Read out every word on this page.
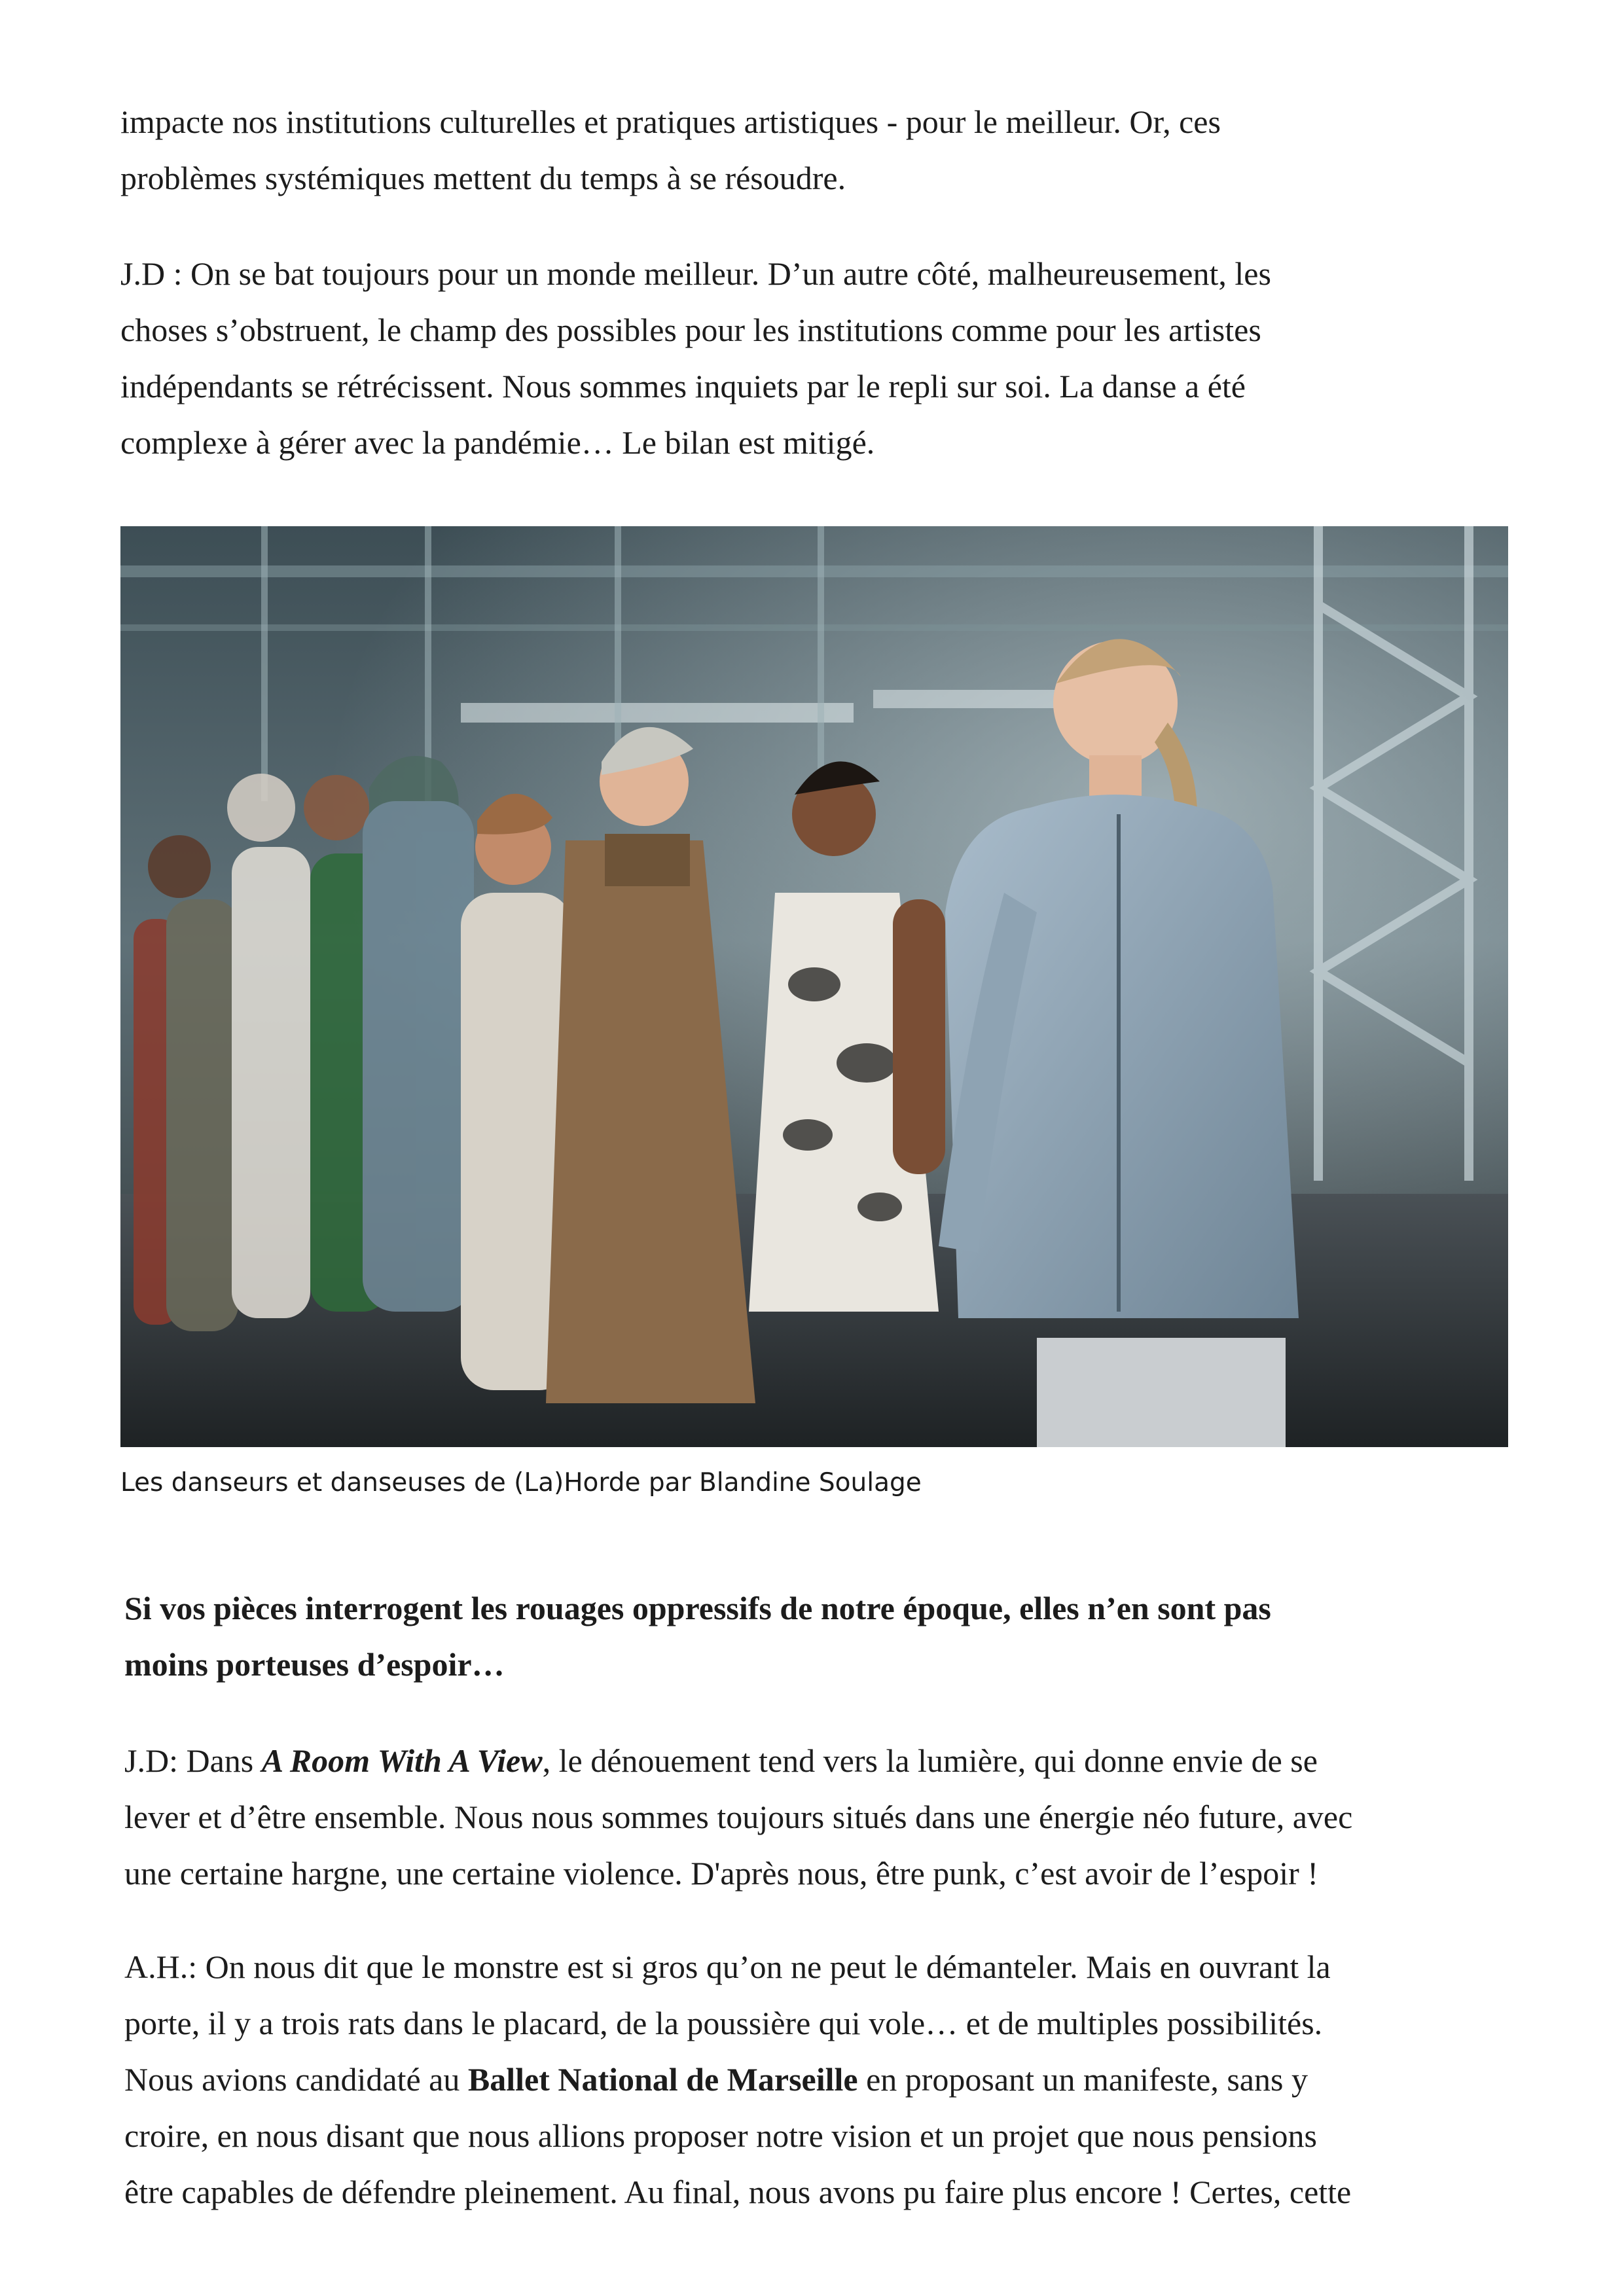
impacte nos institutions culturelles et pratiques artistiques - pour le meilleur. Or, ces
problèmes systémiques mettent du temps à se résoudre.

J.D : On se bat toujours pour un monde meilleur. D’un autre côté, malheureusement, les
choses s’obstruent, le champ des possibles pour les institutions comme pour les artistes
indépendants se rétrécissent. Nous sommes inquiets par le repli sur soi. La danse a été
complexe à gérer avec la pandémie… Le bilan est mitigé.

Les danseurs et danseuses de (La)Horde par Blandine Soulage

Si vos pièces interrogent les rouages oppressifs de notre époque, elles n’en sont pas
moins porteuses d’espoir…

J.D: Dans A Room With A View, le dénouement tend vers la lumière, qui donne envie de se
lever et d’être ensemble. Nous nous sommes toujours situés dans une énergie néo future, avec
une certaine hargne, une certaine violence. D'après nous, être punk, c’est avoir de l’espoir !

A.H.: On nous dit que le monstre est si gros qu’on ne peut le démanteler. Mais en ouvrant la
porte, il y a trois rats dans le placard, de la poussière qui vole… et de multiples possibilités.
Nous avions candidaté au Ballet National de Marseille en proposant un manifeste, sans y
croire, en nous disant que nous allions proposer notre vision et un projet que nous pensions
être capables de défendre pleinement. Au final, nous avons pu faire plus encore ! Certes, cette
